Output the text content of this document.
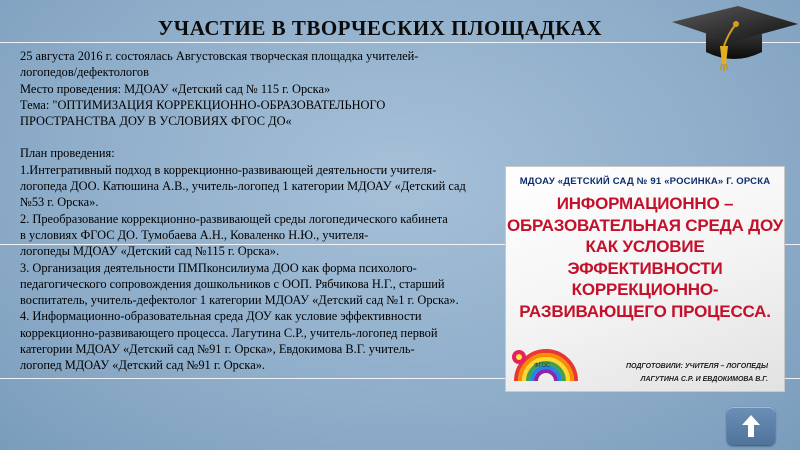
УЧАСТИЕ В ТВОРЧЕСКИХ ПЛОЩАДКАХ

25 августа 2016 г. состоялась Августовская творческая площадка учителей-
логопедов/дефектологов

Место проведения: МДОАУ «Детский сад № 115 г. Орска»

Тема: "ОПТИМИЗАЦИЯ КОРРЕКЦИОННО-ОБРАЗОВАТЕЛЬНОГО
ПРОСТРАНСТВА ДОУ В УСЛОВИЯХ ФГОС ДО«

План проведения:

1.Интегративный подход в коррекционно-развивающей деятельности учителя-
логопеда ДОО. Катюшина А.В., учитель-логопед 1 категории МДОАУ «Детский сад
№53 г. Орска».

2. Преобразование коррекционно-развивающей среды логопедического кабинета
в условиях ФГОС ДО. Тумобаева А.Н., Коваленко Н.Ю., учителя-
логопеды МДОАУ «Детский сад №115 г. Орска».

3. Организация деятельности ПМПконсилиума ДОО как форма психолого-
педагогического сопровождения дошкольников с ООП. Рябчикова Н.Г., старший
воспитатель, учитель-дефектолог 1 категории МДОАУ «Детский сад №1 г. Орска».

4. Информационно-образовательная среда ДОУ как условие эффективности
коррекционно-развивающего процесса. Лагутина С.Р., учитель-логопед первой
категории МДОАУ «Детский сад №91 г. Орска», Евдокимова В.Г. учитель-
логопед МДОАУ «Детский сад №91 г. Орска».

МДОАУ «ДЕТСКИЙ САД № 91 «РОСИНКА» Г. ОРСКА
ИНФОРМАЦИОННО –
ОБРАЗОВАТЕЛЬНАЯ СРЕДА ДОУ
КАК УСЛОВИЕ
ЭФФЕКТИВНОСТИ
КОРРЕКЦИОННО-
РАЗВИВАЮЩЕГО ПРОЦЕССА.
ФГОС	ПОДГОТОВИЛИ: УЧИТЕЛЯ – ЛОГОПЕДЫ
ЛАГУТИНА С.Р. И ЕВДОКИМОВА В.Г.
